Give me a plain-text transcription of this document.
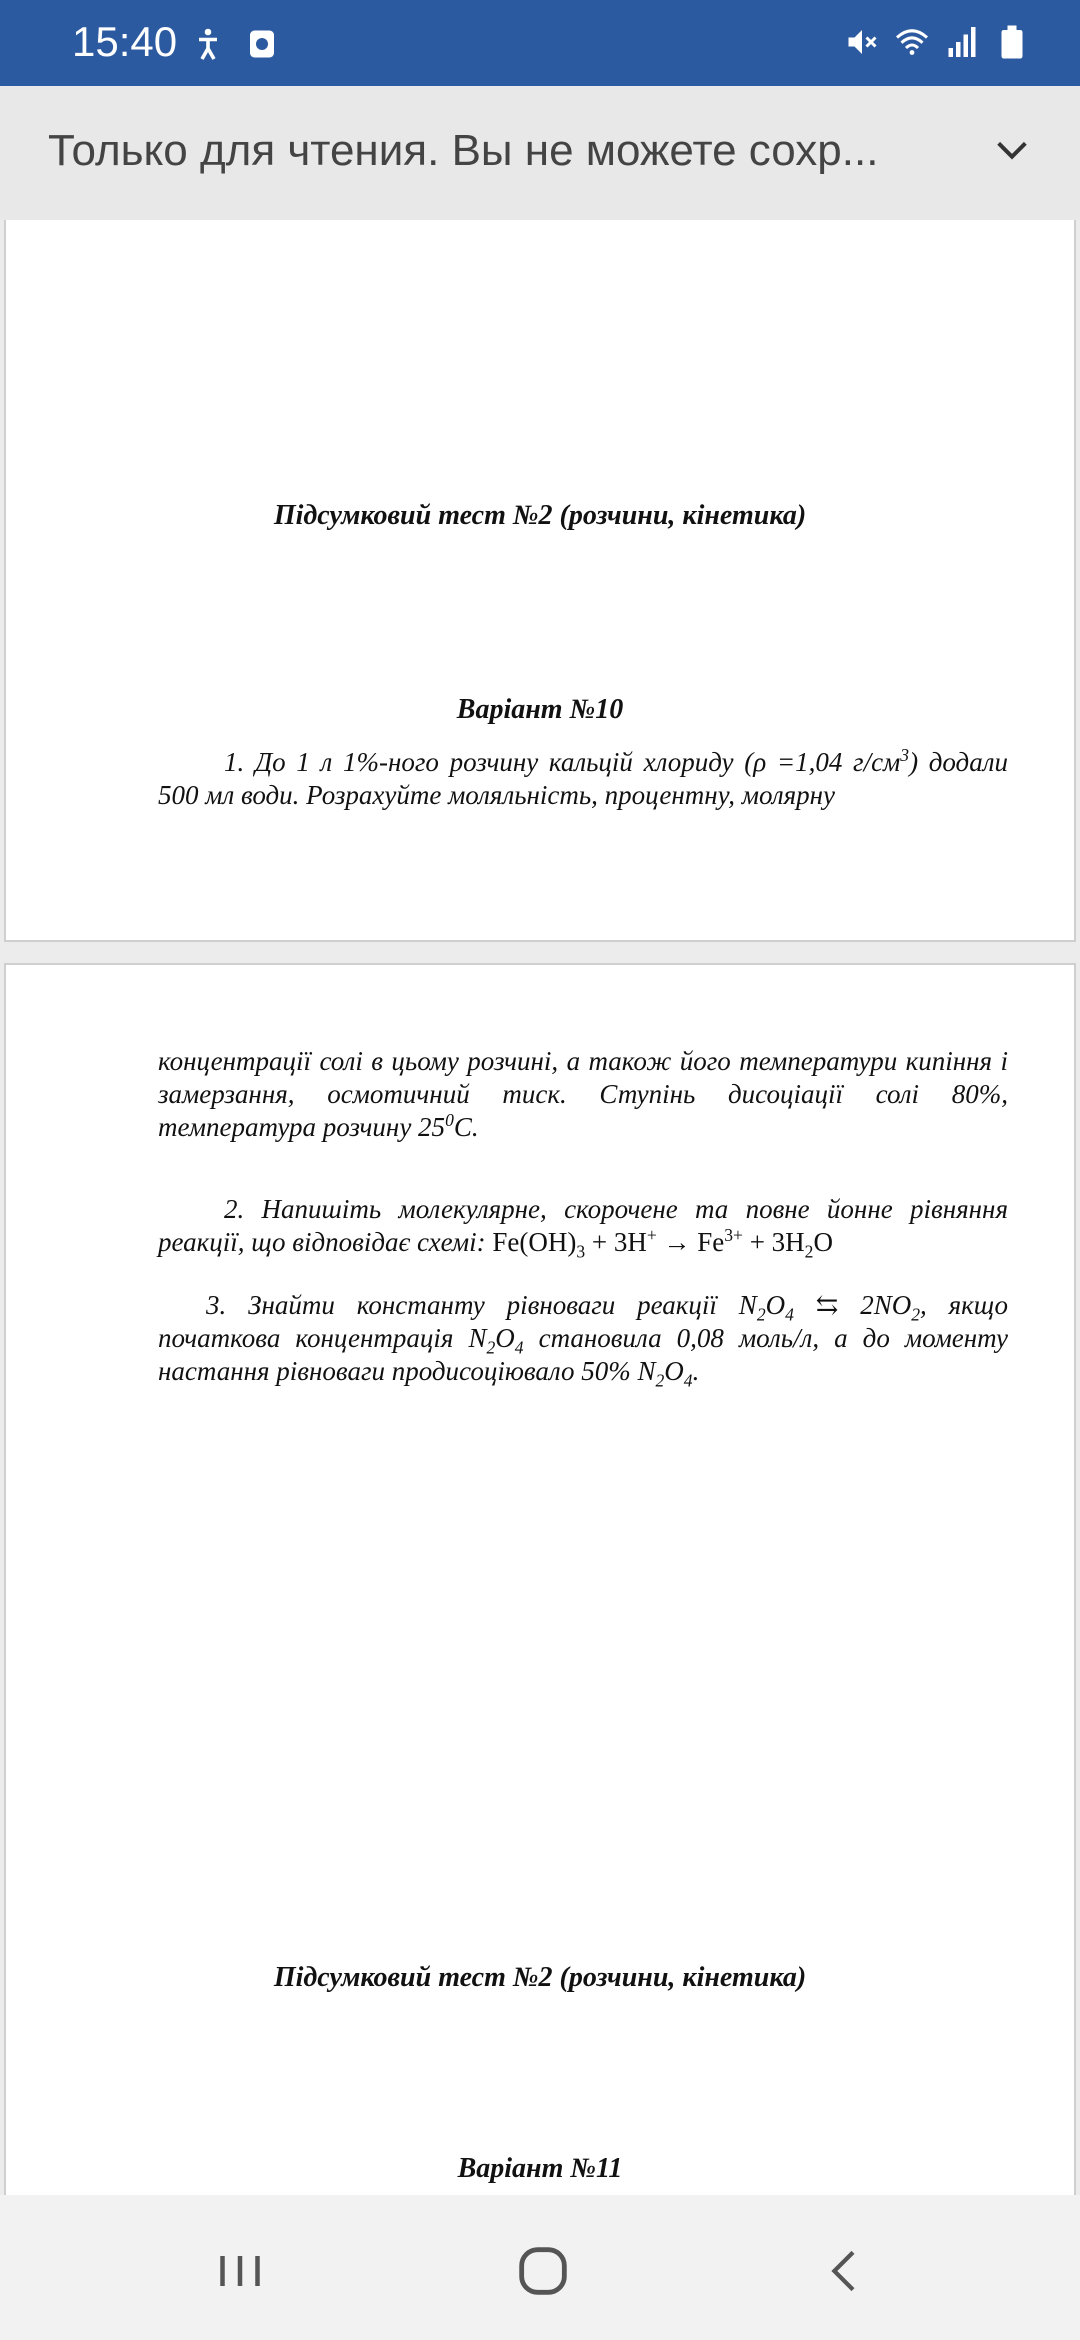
15:40
Только для чтения. Вы не можете сохр...
Підсумковий тест №2 (розчини, кінетика)
Варіант №10
1. До 1 л 1%-ного розчину кальцій хлориду (ρ =1,04 $г/см^3$) додали 500 мл води. Розрахуйте моляльність, процентну, молярну
концентрації солі в цьому розчині, а також його температури кипіння і замерзання, осмотичний тиск. Ступінь дисоціації солі 80%, температура розчину $25^0С$.
2. Напишіть молекулярне, скорочене та повне йонне рівняння реакції, що відповідає схемі: $Fe(OH)_3 + 3H^+ \to Fe^{3+} + 3H_2O$
3. Знайти константу рівноваги реакції $N_2O_4$ ⇆ $2NO_2$, якщо початкова концентрація $N_2O_4$ становила 0,08 моль/л, а до моменту настання рівноваги продисоціювало 50% $N_2O_4$.
Підсумковий тест №2 (розчини, кінетика)
Варіант №11
